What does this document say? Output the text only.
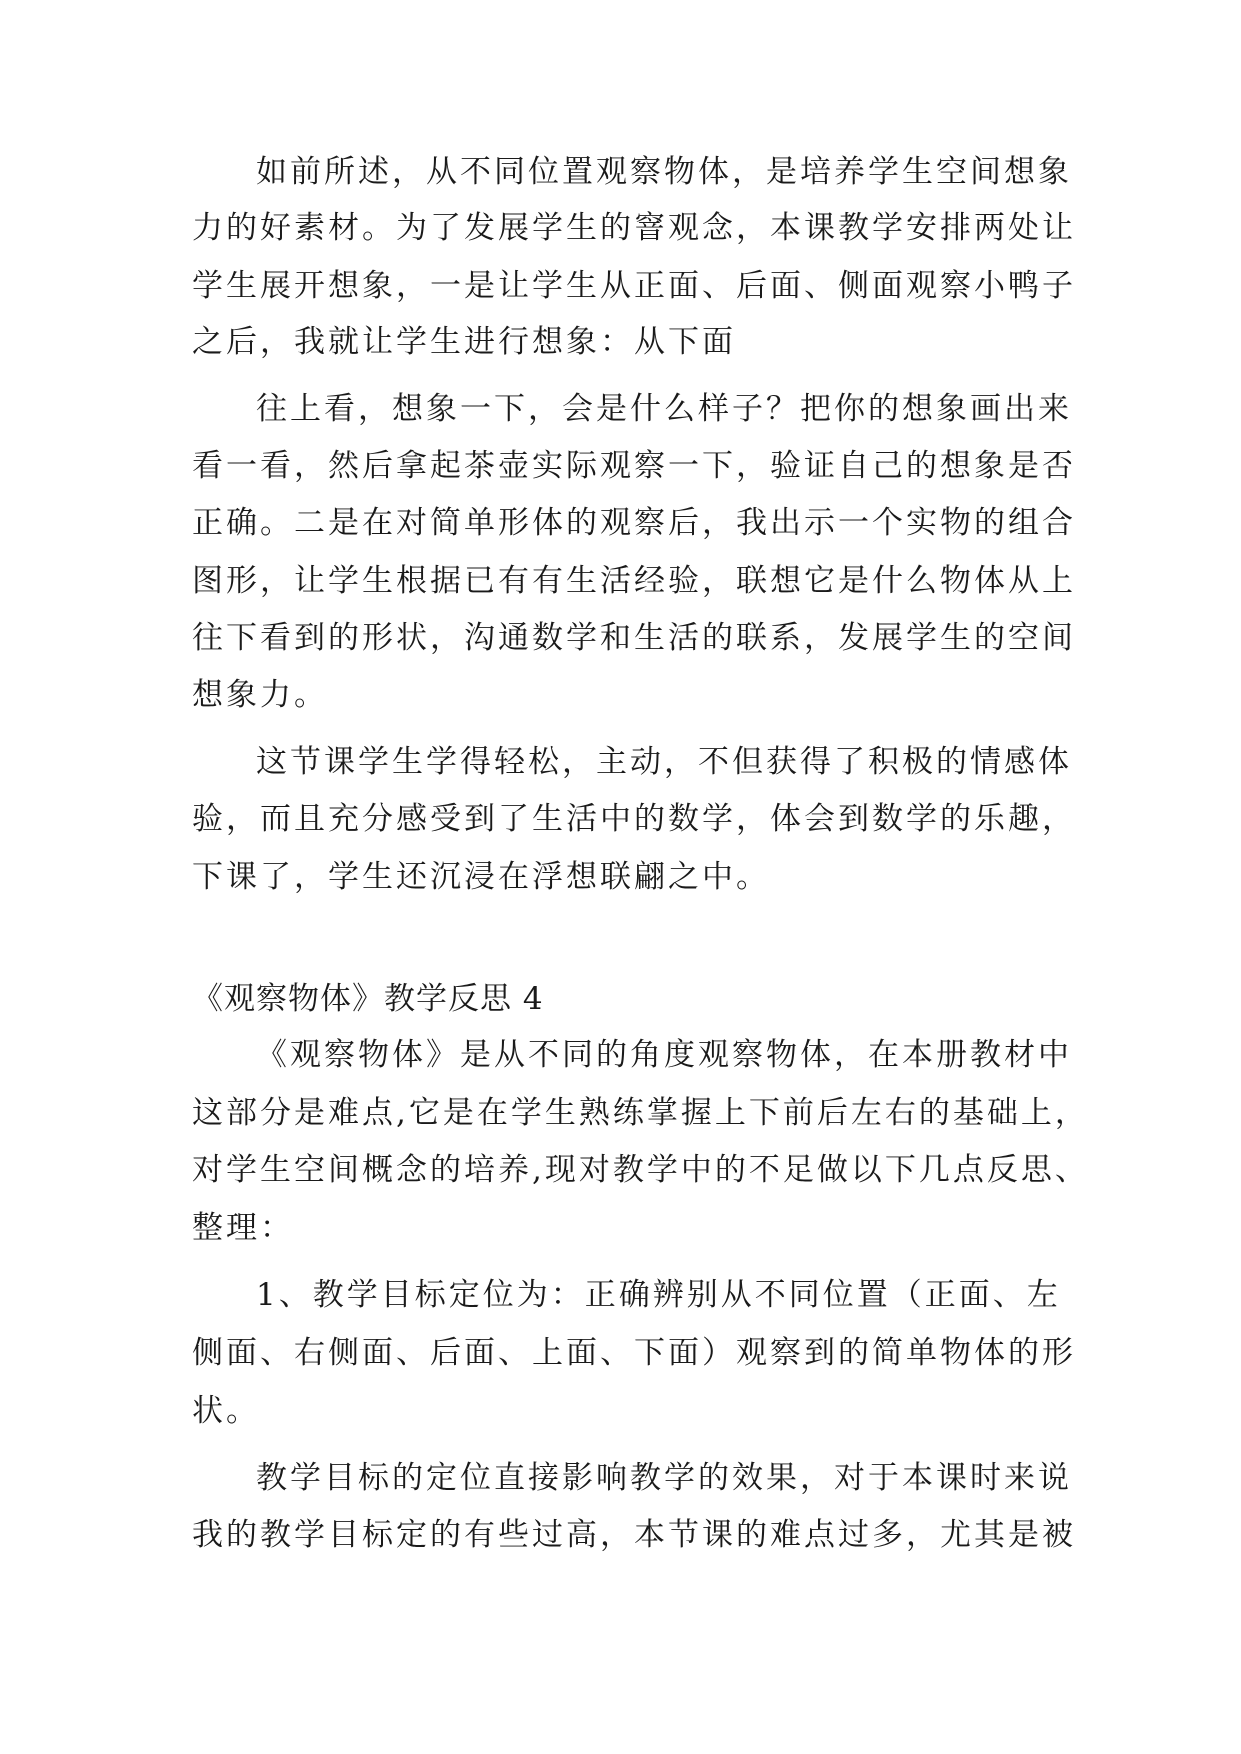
如前所述，从不同位置观察物体，是培养学生空间想象
力的好素材。为了发展学生的窨观念，本课教学安排两处让
学生展开想象，一是让学生从正面、后面、侧面观察小鸭子
之后，我就让学生进行想象：从下面
往上看，想象一下，会是什么样子？把你的想象画出来
看一看，然后拿起茶壶实际观察一下，验证自己的想象是否
正确。二是在对简单形体的观察后，我出示一个实物的组合
图形，让学生根据已有有生活经验，联想它是什么物体从上
往下看到的形状，沟通数学和生活的联系，发展学生的空间
想象力。
这节课学生学得轻松，主动，不但获得了积极的情感体
验，而且充分感受到了生活中的数学，体会到数学的乐趣，
下课了，学生还沉浸在浮想联翩之中。
《观察物体》教学反思 4
《观察物体》是从不同的角度观察物体，在本册教材中
这部分是难点,它是在学生熟练掌握上下前后左右的基础上，
对学生空间概念的培养,现对教学中的不足做以下几点反思、
整理：
1、教学目标定位为：正确辨别从不同位置（正面、左
侧面、右侧面、后面、上面、下面）观察到的简单物体的形
状。
教学目标的定位直接影响教学的效果，对于本课时来说
我的教学目标定的有些过高，本节课的难点过多，尤其是被
